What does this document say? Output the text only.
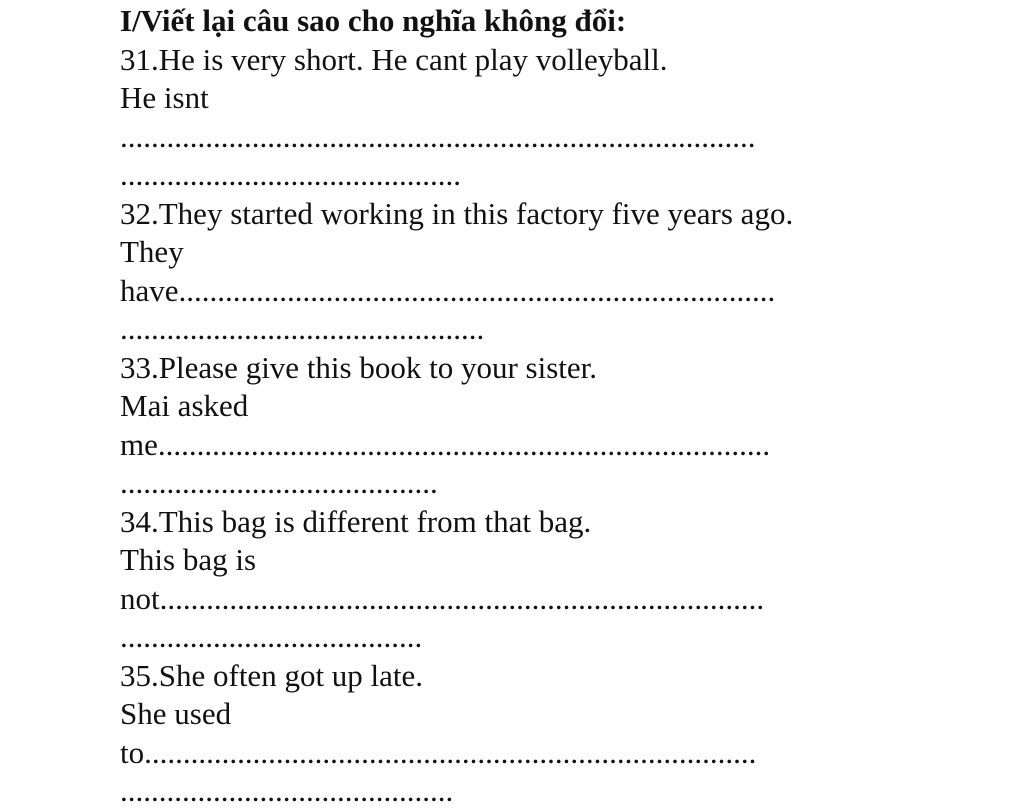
I/Viết lại câu sao cho nghĩa không đổi:
31.He is very short. He cant play volleyball.
He isnt
..................................................................................
............................................
32.They started working in this factory five years ago.
They
have.............................................................................
...............................................
33.Please give this book to your sister.
Mai asked
me...............................................................................
.........................................
34.This bag is different from that bag.
This bag is
not..............................................................................
.......................................
35.She often got up late.
She used
to...............................................................................
...........................................
